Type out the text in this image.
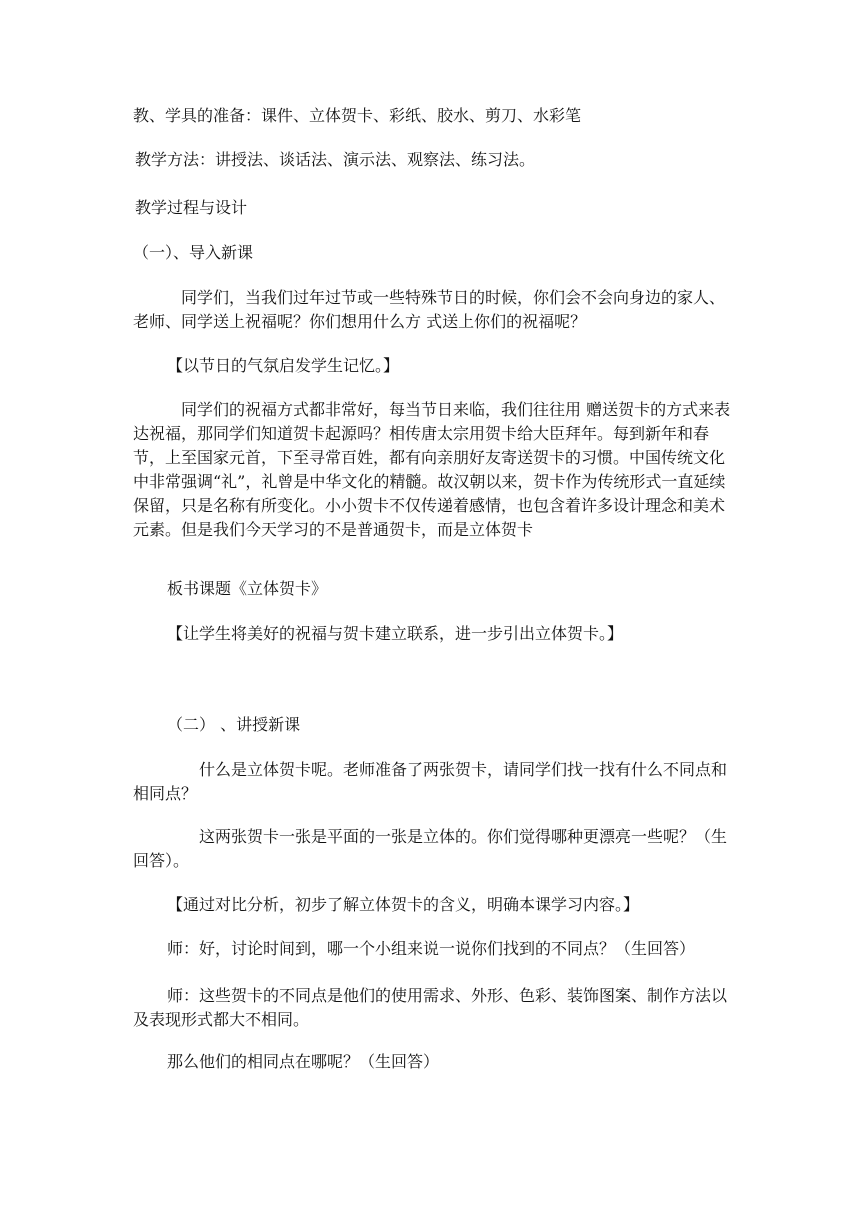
教、学具的准备：课件、立体贺卡、彩纸、胶水、剪刀、水彩笔

教学方法：讲授法、谈话法、演示法、观察法、练习法。

教学过程与设计

（一）、导入新课

同学们，当我们过年过节或一些特殊节日的时候，你们会不会向身边的家人、老师、同学送上祝福呢？你们想用什么方 式送上你们的祝福呢？

【以节日的气氛启发学生记忆。】

同学们的祝福方式都非常好，每当节日来临，我们往往用 赠送贺卡的方式来表达祝福，那同学们知道贺卡起源吗？相传唐太宗用贺卡给大臣拜年。每到新年和春节，上至国家元首，下至寻常百姓，都有向亲朋好友寄送贺卡的习惯。中国传统文化中非常强调“礼”，礼曾是中华文化的精髓。故汉朝以来，贺卡作为传统形式一直延续保留，只是名称有所变化。小小贺卡不仅传递着感情，也包含着许多设计理念和美术元素。但是我们今天学习的不是普通贺卡，而是立体贺卡

板书课题《立体贺卡》

【让学生将美好的祝福与贺卡建立联系，进一步引出立体贺卡。】

（二） 、讲授新课

什么是立体贺卡呢。老师准备了两张贺卡，请同学们找一找有什么不同点和相同点？

这两张贺卡一张是平面的一张是立体的。你们觉得哪种更漂亮一些呢？（生回答）。

【通过对比分析，初步了解立体贺卡的含义，明确本课学习内容。】

师：好，讨论时间到，哪一个小组来说一说你们找到的不同点？（生回答）

师：这些贺卡的不同点是他们的使用需求、外形、色彩、装饰图案、制作方法以及表现形式都大不相同。

那么他们的相同点在哪呢？（生回答）
